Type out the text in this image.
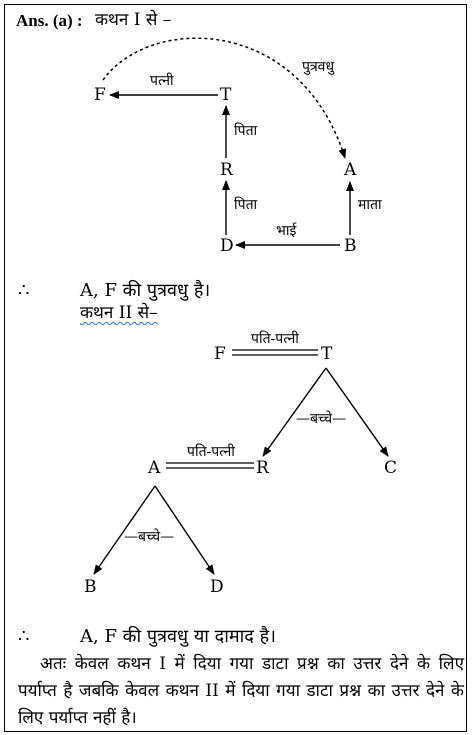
Ans. (a) : कथन I से –
F	T
R	A
D	B
पत्नी
पिता
पिता
भाई
माता
पुत्रवधु
∴	A, F की पुत्रवधु है।
कथन II से–
F	T
पति-पत्नी
—बच्चे—
A	R	C
पति-पत्नी
—बच्चे—
B	D
∴	A, F की पुत्रवधु या दामाद है।
अतः केवल कथन I में दिया गया डाटा प्रश्न का उत्तर देने के लिए पर्याप्त है जबकि केवल कथन II में दिया गया डाटा प्रश्न का उत्तर देने के लिए पर्याप्त नहीं है।
